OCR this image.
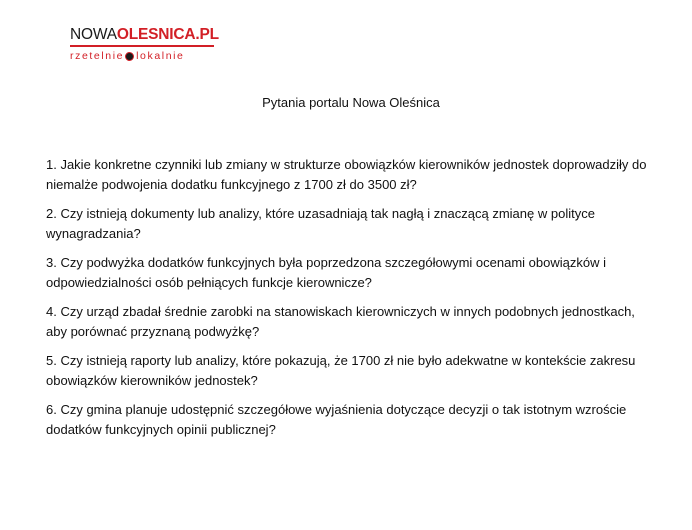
NOWAOLESNICA.PL
rzetelnie lokalnie
Pytania portalu Nowa Oleśnica
1. Jakie konkretne czynniki lub zmiany w strukturze obowiązków kierowników jednostek doprowadziły do niemalże podwojenia dodatku funkcyjnego z 1700 zł do 3500 zł?
2. Czy istnieją dokumenty lub analizy, które uzasadniają tak nagłą i znaczącą zmianę w polityce wynagradzania?
3. Czy podwyżka dodatków funkcyjnych była poprzedzona szczegółowymi ocenami obowiązków i odpowiedzialności osób pełniących funkcje kierownicze?
4. Czy urząd zbadał średnie zarobki na stanowiskach kierowniczych w innych podobnych jednostkach, aby porównać przyznaną podwyżkę?
5. Czy istnieją raporty lub analizy, które pokazują, że 1700 zł nie było adekwatne w kontekście zakresu obowiązków kierowników jednostek?
6. Czy gmina planuje udostępnić szczegółowe wyjaśnienia dotyczące decyzji o tak istotnym wzroście dodatków funkcyjnych opinii publicznej?
